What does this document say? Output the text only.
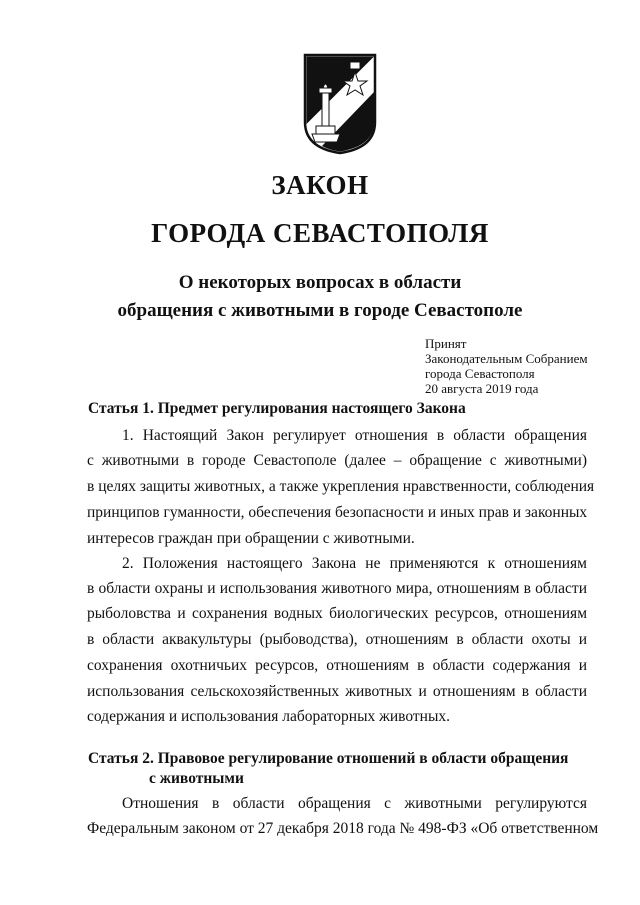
ЗАКОН
ГОРОДА СЕВАСТОПОЛЯ
О некоторых вопросах в области
обращения с животными в городе Севастополе
Принят
Законодательным Собранием
города Севастополя
20 августа 2019 года
Статья 1. Предмет регулирования настоящего Закона
1. Настоящий Закон регулирует отношения в области обращения
с животными в городе Севастополе (далее – обращение с животными)
в целях защиты животных, а также укрепления нравственности, соблюдения
принципов гуманности, обеспечения безопасности и иных прав и законных
интересов граждан при обращении с животными.
2. Положения настоящего Закона не применяются к отношениям
в области охраны и использования животного мира, отношениям в области
рыболовства и сохранения водных биологических ресурсов, отношениям
в области аквакультуры (рыбоводства), отношениям в области охоты и
сохранения охотничьих ресурсов, отношениям в области содержания и
использования сельскохозяйственных животных и отношениям в области
содержания и использования лабораторных животных.
Статья 2. Правовое регулирование отношений в области обращения
с животными
Отношения в области обращения с животными регулируются
Федеральным законом от 27 декабря 2018 года № 498-ФЗ «Об ответственном
